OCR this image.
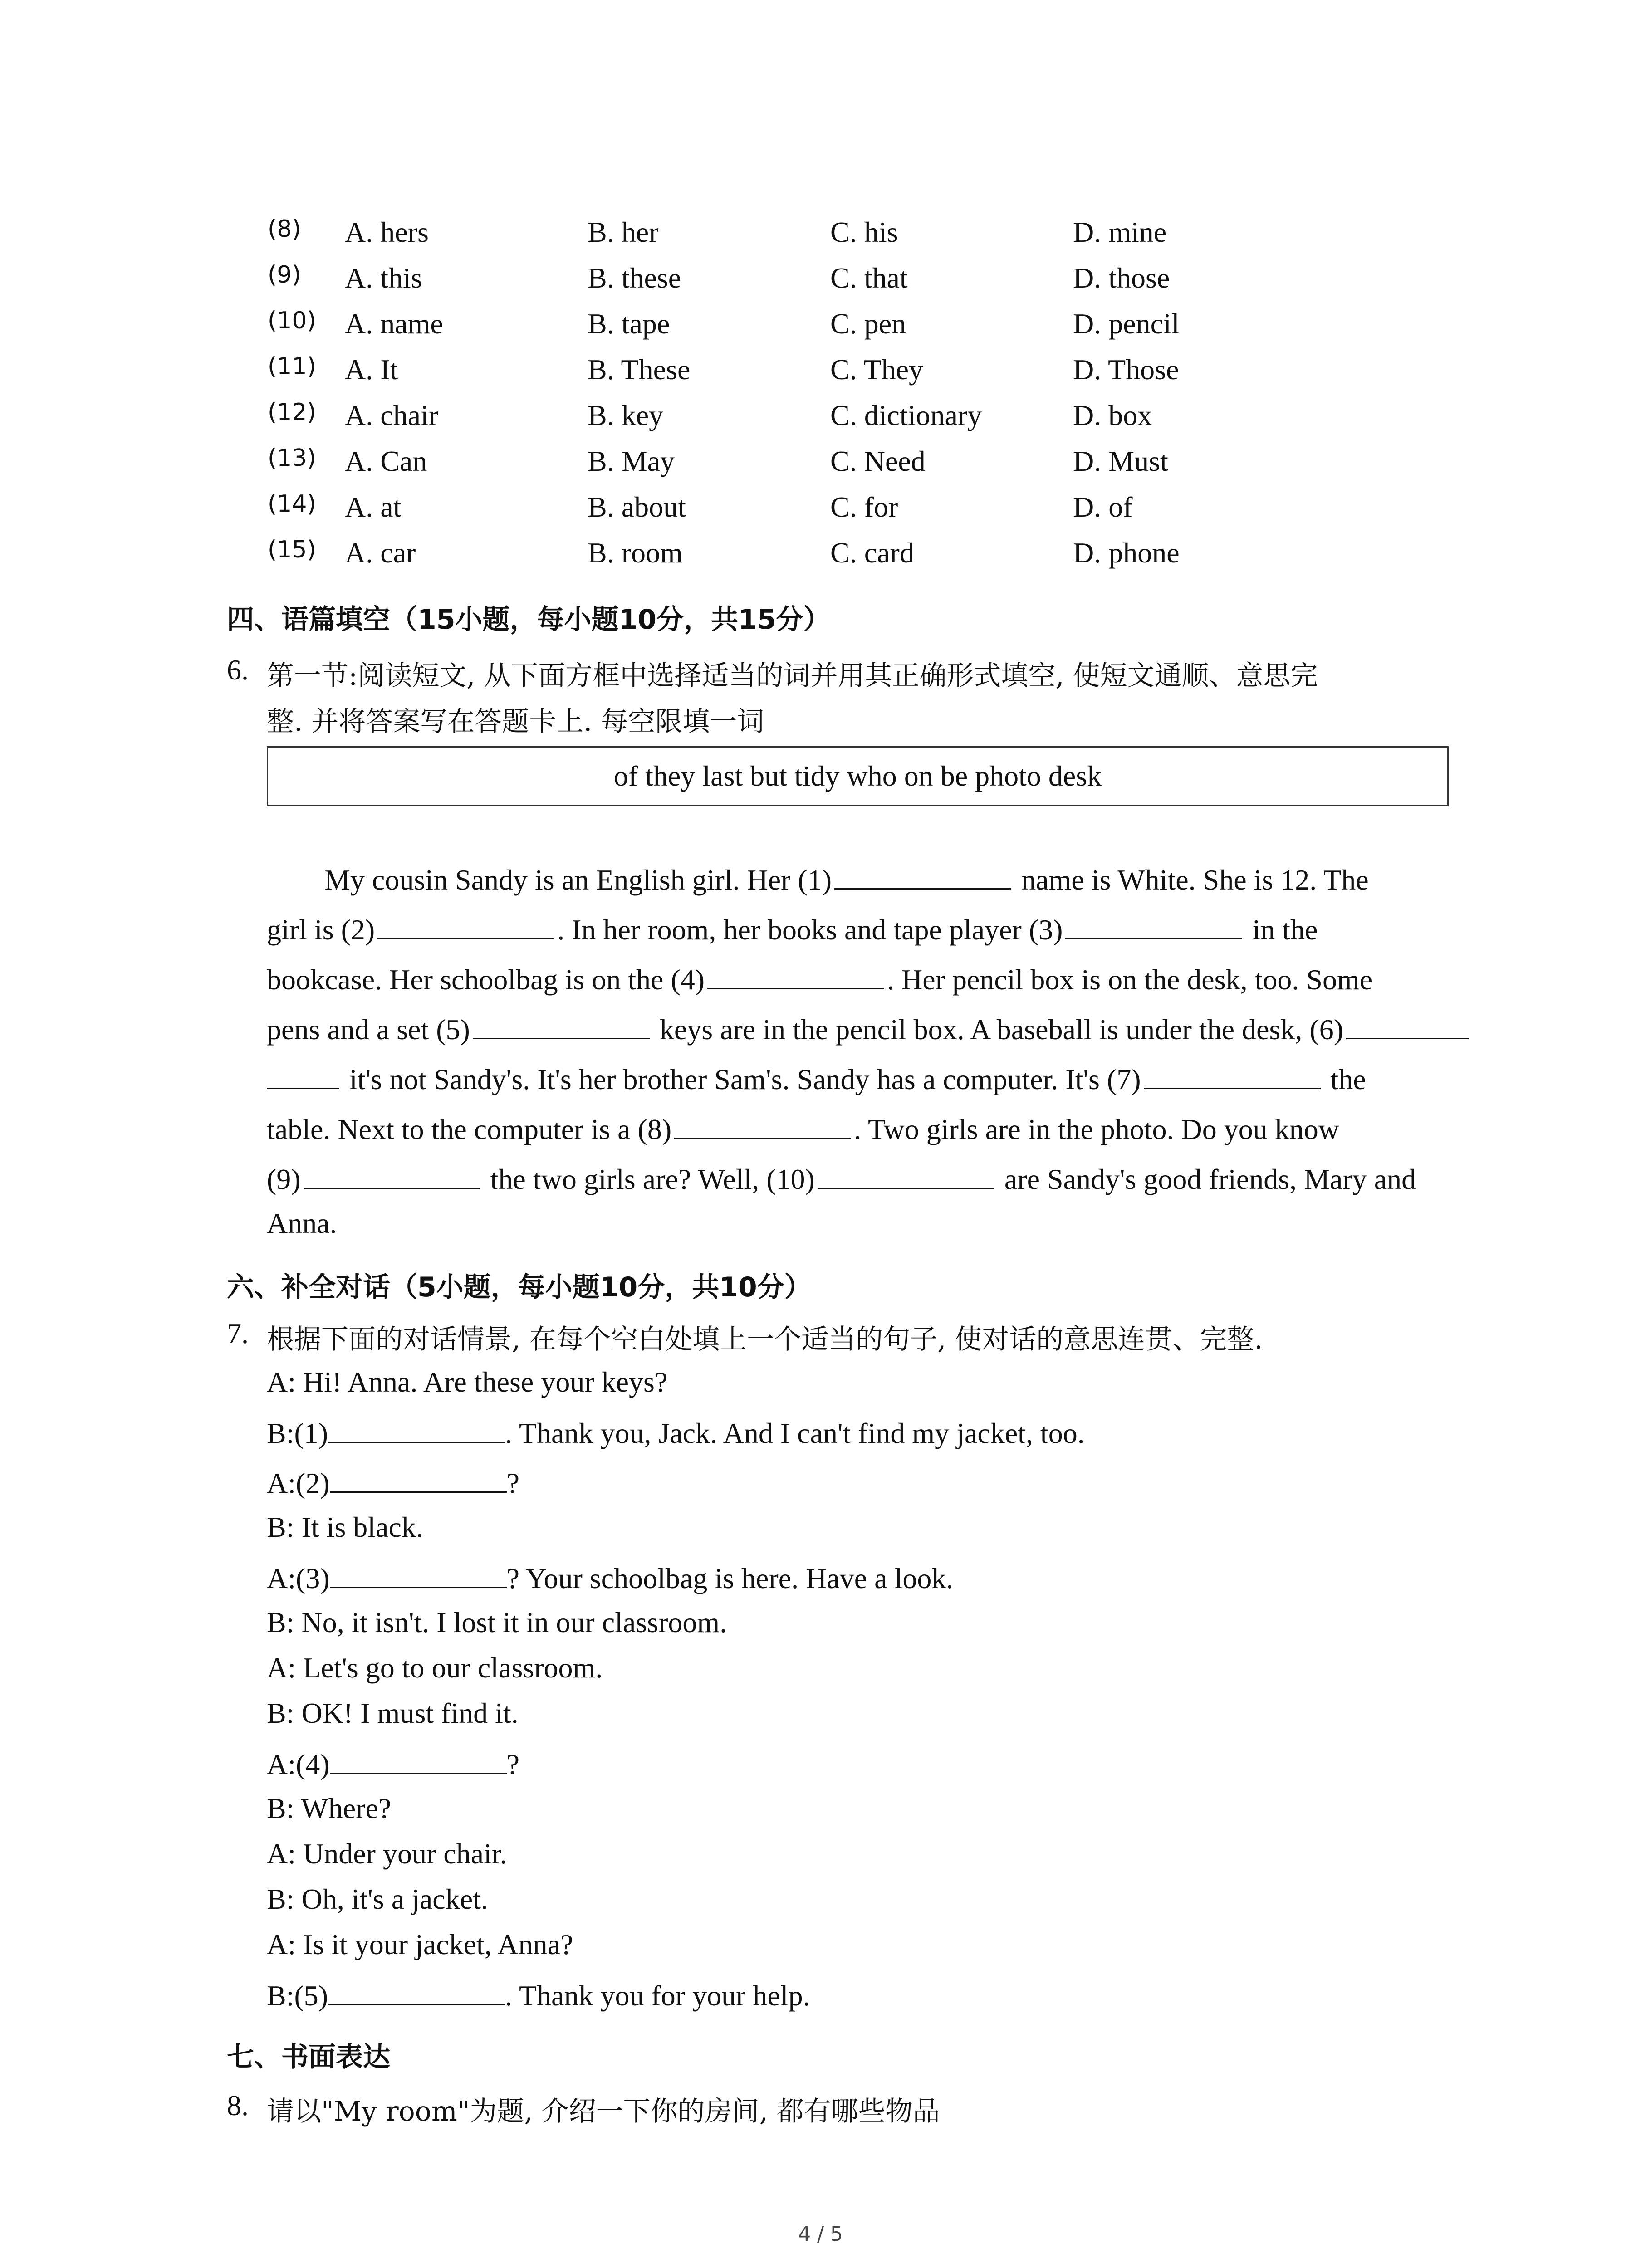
(8) A. hers	B. her	C. his	D. mine
(9) A. this	B. these	C. that	D. those
(10) A. name	B. tape	C. pen	D. pencil
(11) A. It	B. These	C. They	D. Those
(12) A. chair	B. key	C. dictionary	D. box
(13) A. Can	B. May	C. Need	D. Must
(14) A. at	B. about	C. for	D. of
(15) A. car	B. room	C. card	D. phone
四、语篇填空（15小题，每小题10分，共15分）
6. 第一节:阅读短文, 从下面方框中选择适当的词并用其正确形式填空, 使短文通顺、意思完
整. 并将答案写在答题卡上. 每空限填一词
of they last but tidy who on be photo desk
My cousin Sandy is an English girl. Her (1)	name is White. She is 12. The
girl is (2)	. In her room, her books and tape player (3)	in the
bookcase. Her schoolbag is on the (4)	. Her pencil box is on the desk, too. Some
pens and a set (5)	keys are in the pencil box. A baseball is under the desk, (6)
it's not Sandy's. It's her brother Sam's. Sandy has a computer. It's (7)	the
table. Next to the computer is a (8)	. Two girls are in the photo. Do you know
(9)	the two girls are? Well, (10)	are Sandy's good friends, Mary and
Anna.
六、补全对话（5小题，每小题10分，共10分）
7. 根据下面的对话情景, 在每个空白处填上一个适当的句子, 使对话的意思连贯、完整.
A: Hi! Anna. Are these your keys?
B:(1)	. Thank you, Jack. And I can't find my jacket, too.
A:(2)	?
B: It is black.
A:(3)	? Your schoolbag is here. Have a look.
B: No, it isn't. I lost it in our classroom.
A: Let's go to our classroom.
B: OK! I must find it.
A:(4)	?
B: Where?
A: Under your chair.
B: Oh, it's a jacket.
A: Is it your jacket, Anna?
B:(5)	. Thank you for your help.
七、书面表达
8. 请以"My room"为题, 介绍一下你的房间, 都有哪些物品
4 / 5
